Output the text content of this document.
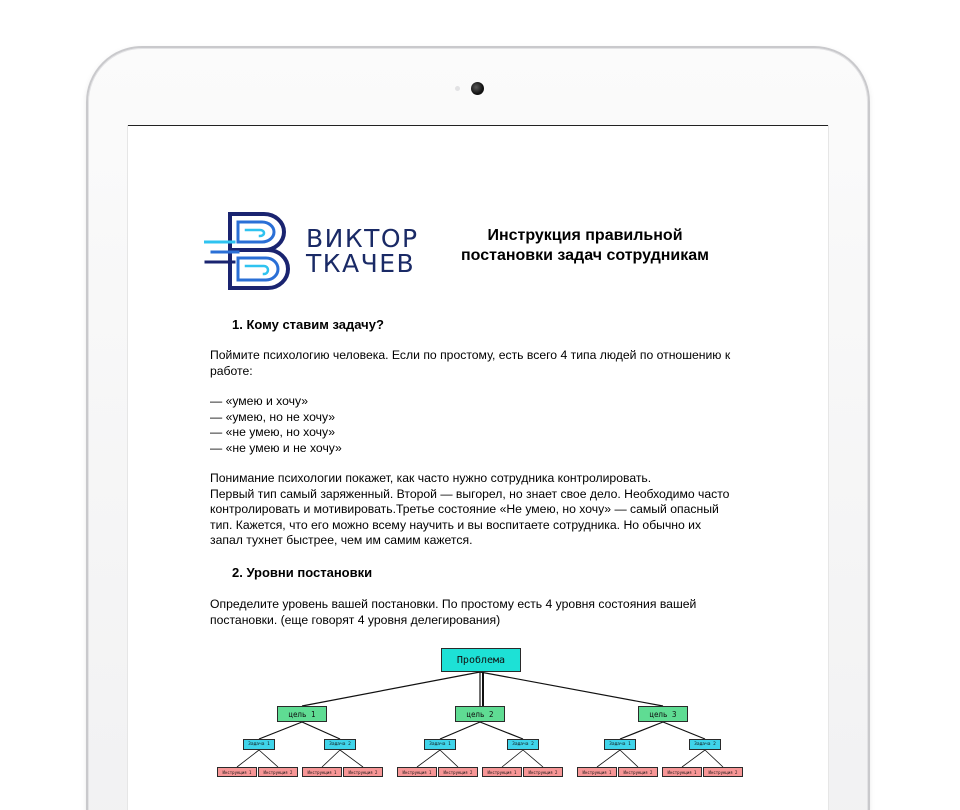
ВИКТОР
ТКАЧЕВ
Инструкция правильной
постановки задач сотрудникам
1. Кому ставим задачу?
Поймите психологию человека. Если по простому, есть всего 4 типа людей по отношению к
работе:
— «умею и хочу»
— «умею, но не хочу»
— «не умею, но хочу»
— «не умею и не хочу»
Понимание психологии покажет, как часто нужно сотрудника контролировать.
Первый тип самый заряженный. Второй — выгорел, но знает свое дело. Необходимо часто
контролировать и мотивировать.Третье состояние «Не умею, но хочу» — самый опасный
тип. Кажется, что его можно всему научить и вы воспитаете сотрудника. Но обычно их
запал тухнет быстрее, чем им самим кажется.
2. Уровни постановки
Определите уровень вашей постановки. По простому есть 4 уровня состояния вашей
постановки. (еще говорят 4 уровня делегирования)
Проблема
цель 1	цель 2	цель 3
Задача 1	Задача 2	Задача 1	Задача 2	Задача 1	Задача 2
Инструкция 1	Инструкция 2	Инструкция 1	Инструкция 2	Инструкция 1	Инструкция 2	Инструкция 1	Инструкция 2	Инструкция 1	Инструкция 2	Инструкция 1	Инструкция 2
